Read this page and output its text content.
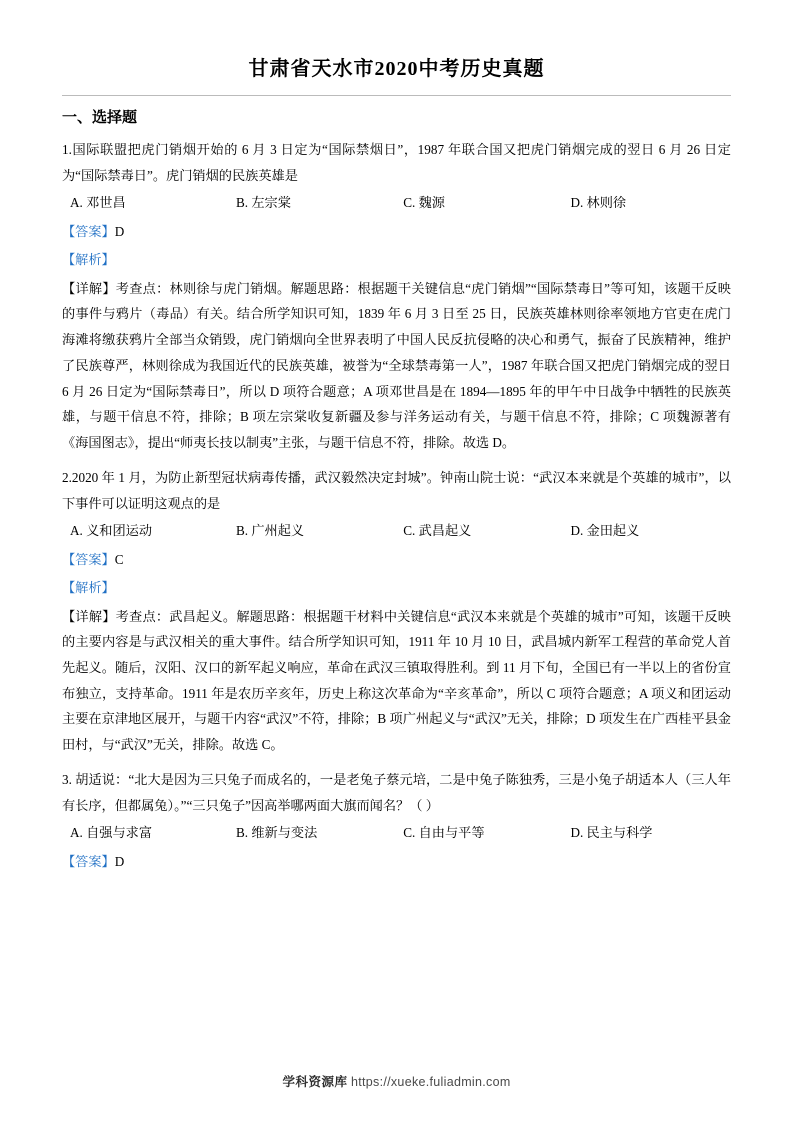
甘肃省天水市2020中考历史真题
一、选择题

1.国际联盟把虎门销烟开始的 6 月 3 日定为“国际禁烟日”，1987 年联合国又把虎门销烟完成的翌日 6 月 26 日定为“国际禁毒日”。虎门销烟的民族英雄是

A. 邓世昌	B. 左宗棠	C. 魏源	D. 林则徐

【答案】D

【解析】

【详解】考查点：林则徐与虎门销烟。解题思路：根据题干关键信息“虎门销烟”“国际禁毒日”等可知，该题干反映的事件与鸦片（毒品）有关。结合所学知识可知，1839 年 6 月 3 日至 25 日，民族英雄林则徐率领地方官吏在虎门海滩将缴获鸦片全部当众销毁，虎门销烟向全世界表明了中国人民反抗侵略的决心和勇气，振奋了民族精神，维护了民族尊严，林则徐成为我国近代的民族英雄，被誉为“全球禁毒第一人”，1987 年联合国又把虎门销烟完成的翌日 6 月 26 日定为“国际禁毒日”，所以 D 项符合题意；A 项邓世昌是在 1894—1895 年的甲午中日战争中牺牲的民族英雄，与题干信息不符，排除；B 项左宗棠收复新疆及参与洋务运动有关，与题干信息不符，排除；C 项魏源著有《海国图志》，提出“师夷长技以制夷”主张，与题干信息不符，排除。故选 D。

2.2020 年 1 月，为防止新型冠状病毒传播，武汉毅然决定封城”。钟南山院士说：“武汉本来就是个英雄的城市”，以下事件可以证明这观点的是

A. 义和团运动	B. 广州起义	C. 武昌起义	D. 金田起义

【答案】C

【解析】

【详解】考查点：武昌起义。解题思路：根据题干材料中关键信息“武汉本来就是个英雄的城市”可知，该题干反映的主要内容是与武汉相关的重大事件。结合所学知识可知，1911 年 10 月 10 日，武昌城内新军工程营的革命党人首先起义。随后，汉阳、汉口的新军起义响应，革命在武汉三镇取得胜利。到 11 月下旬，全国已有一半以上的省份宣布独立，支持革命。1911 年是农历辛亥年，历史上称这次革命为“辛亥革命”，所以 C 项符合题意；A 项义和团运动主要在京津地区展开，与题干内容“武汉”不符，排除；B 项广州起义与“武汉”无关，排除；D 项发生在广西桂平县金田村，与“武汉”无关，排除。故选 C。

3. 胡适说：“北大是因为三只兔子而成名的，一是老兔子蔡元培，二是中兔子陈独秀，三是小兔子胡适本人（三人年有长序，但都属兔）。”“三只兔子”因高举哪两面大旗而闻名？（ ）

A. 自强与求富	B. 维新与变法	C. 自由与平等	D. 民主与科学

【答案】D

学科资源库 https://xueke.fuliadmin.com
